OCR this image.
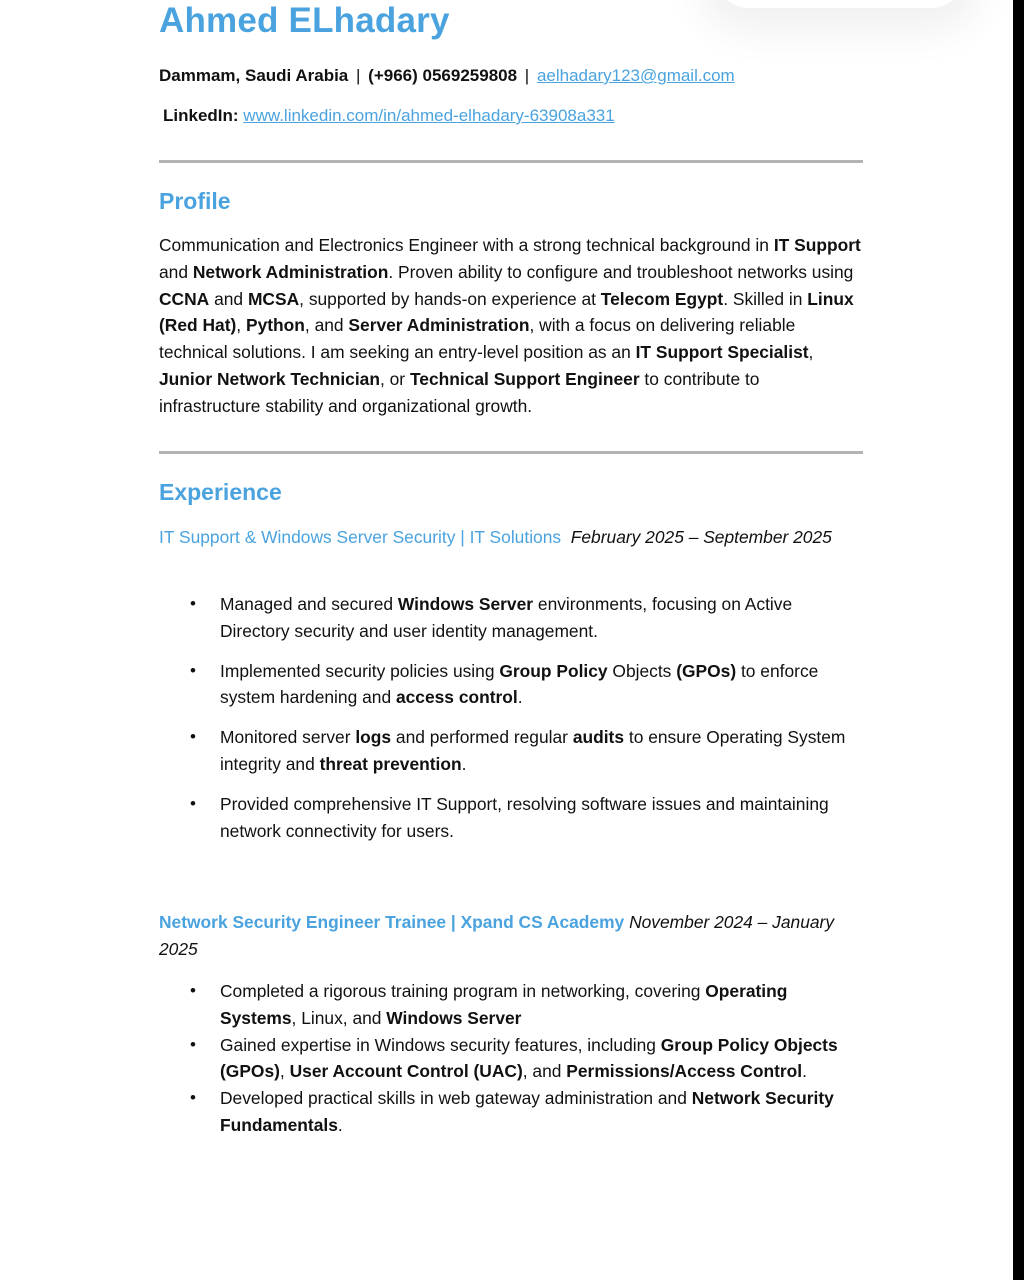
Ahmed ELhadary
Dammam, Saudi Arabia | (+966) 0569259808 | aelhadary123@gmail.com
LinkedIn: www.linkedin.com/in/ahmed-elhadary-63908a331
Profile
Communication and Electronics Engineer with a strong technical background in IT Support and Network Administration. Proven ability to configure and troubleshoot networks using CCNA and MCSA, supported by hands-on experience at Telecom Egypt. Skilled in Linux (Red Hat), Python, and Server Administration, with a focus on delivering reliable technical solutions. I am seeking an entry-level position as an IT Support Specialist, Junior Network Technician, or Technical Support Engineer to contribute to infrastructure stability and organizational growth.
Experience
IT Support & Windows Server Security | IT Solutions February 2025 – September 2025
• Managed and secured Windows Server environments, focusing on Active Directory security and user identity management.
• Implemented security policies using Group Policy Objects (GPOs) to enforce system hardening and access control.
• Monitored server logs and performed regular audits to ensure Operating System integrity and threat prevention.
• Provided comprehensive IT Support, resolving software issues and maintaining network connectivity for users.
Network Security Engineer Trainee | Xpand CS Academy November 2024 – January 2025
• Completed a rigorous training program in networking, covering Operating Systems, Linux, and Windows Server
• Gained expertise in Windows security features, including Group Policy Objects (GPOs), User Account Control (UAC), and Permissions/Access Control.
• Developed practical skills in web gateway administration and Network Security Fundamentals.
